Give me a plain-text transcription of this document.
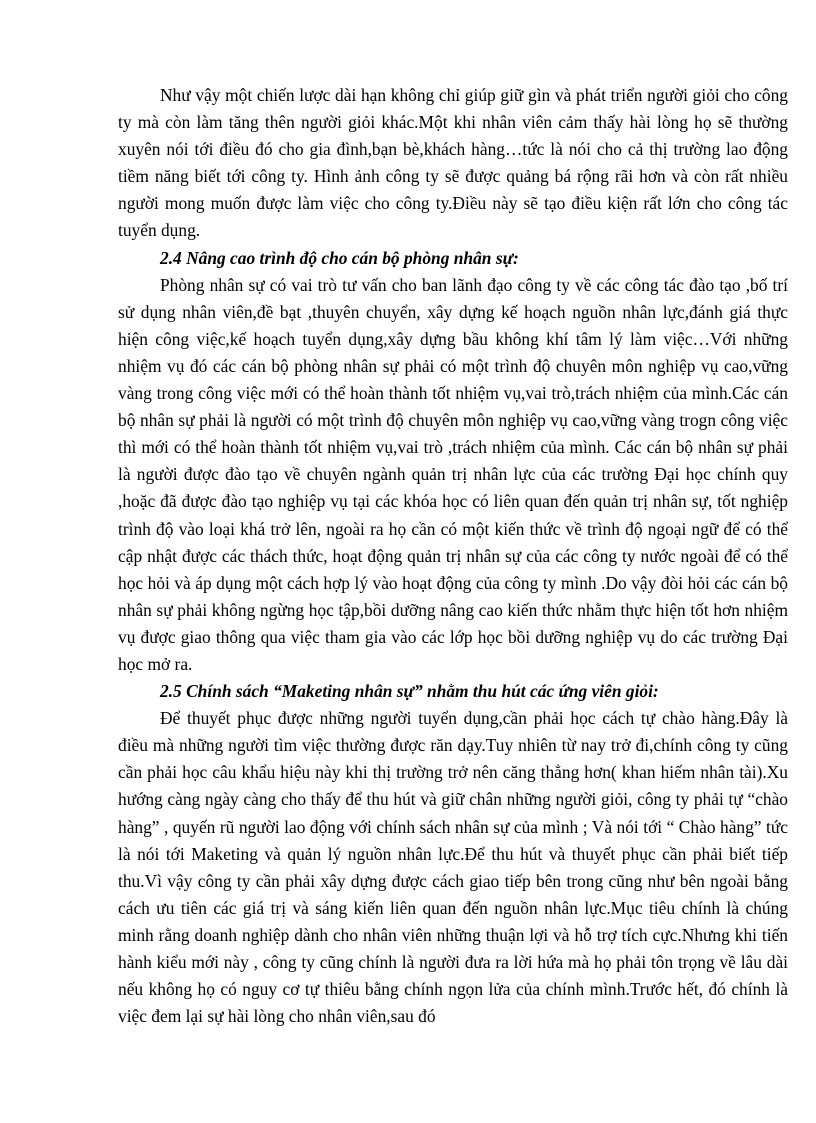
Như vậy một chiến lược dài hạn không chỉ giúp giữ gìn và phát triển người giỏi cho công ty mà còn làm tăng thên người giỏi khác.Một khi nhân viên cảm thấy hài lòng họ sẽ thường xuyên nói tới điều đó cho gia đình,bạn bè,khách hàng…tức là nói cho cả thị trường lao động tiềm năng biết tới công ty. Hình ảnh công ty sẽ được quảng bá rộng rãi hơn và còn rất nhiều người mong muốn được làm việc cho công ty.Điều này sẽ tạo điều kiện rất lớn cho công tác tuyển dụng.

2.4 Nâng cao trình độ cho cán bộ phòng nhân sự:

Phòng nhân sự có vai trò tư vấn cho ban lãnh đạo công ty về các công tác đào tạo ,bố trí sử dụng nhân viên,đề bạt ,thuyên chuyển, xây dựng kế hoạch nguồn nhân lực,đánh giá thực hiện công việc,kế hoạch tuyển dụng,xây dựng bầu không khí tâm lý làm việc…Với những nhiệm vụ đó các cán bộ phòng nhân sự phải có một trình độ chuyên môn nghiệp vụ cao,vững vàng trong công việc mới có thể hoàn thành tốt nhiệm vụ,vai trò,trách nhiệm của mình.Các cán bộ nhân sự phải là người có một trình độ chuyên môn nghiệp vụ cao,vững vàng trogn công việc thì mới có thể hoàn thành tốt nhiệm vụ,vai trò ,trách nhiệm của mình. Các cán bộ nhân sự phải là người được đào tạo về chuyên ngành quản trị nhân lực của các trường Đại học chính quy ,hoặc đã được đào tạo nghiệp vụ tại các khóa học có liên quan đến quản trị nhân sự, tốt nghiệp trình độ vào loại khá trở lên, ngoài ra họ cần có một kiến thức về trình độ ngoại ngữ để có thể cập nhật được các thách thức, hoạt động quản trị nhân sự của các công ty nước ngoài để có thể học hỏi và áp dụng một cách hợp lý vào hoạt động của công ty mình .Do vậy đòi hỏi các cán bộ nhân sự phải không ngừng học tập,bồi dưỡng nâng cao kiến thức nhằm thực hiện tốt hơn nhiệm vụ được giao thông qua việc tham gia vào các lớp học bồi dưỡng nghiệp vụ do các trường Đại học mở ra.

2.5 Chính sách “Maketing nhân sự” nhằm thu hút các ứng viên giỏi:

Để thuyết phục được những người tuyển dụng,cần phải học cách tự chào hàng.Đây là điều mà những người tìm việc thường được răn dạy.Tuy nhiên từ nay trở đi,chính công ty cũng cần phải học câu khẩu hiệu này khi thị trường trở nên căng thẳng hơn( khan hiếm nhân tài).Xu hướng càng ngày càng cho thấy để thu hút và giữ chân những người giỏi, công ty phải tự “chào hàng” , quyến rũ người lao động với chính sách nhân sự của mình ; Và nói tới “ Chào hàng” tức là nói tới Maketing và quản lý nguồn nhân lực.Để thu hút và thuyết phục cần phải biết tiếp thu.Vì vậy công ty cần phải xây dựng được cách giao tiếp bên trong cũng như bên ngoài bằng cách ưu tiên các giá trị và sáng kiến liên quan đến nguồn nhân lực.Mục tiêu chính là chúng minh rằng doanh nghiệp dành cho nhân viên những thuận lợi và hỗ trợ tích cực.Nhưng khi tiến hành kiểu mới này , công ty cũng chính là người đưa ra lời hứa mà họ phải tôn trọng về lâu dài nếu không họ có nguy cơ tự thiêu bằng chính ngọn lửa của chính mình.Trước hết, đó chính là việc đem lại sự hài lòng cho nhân viên,sau đó
